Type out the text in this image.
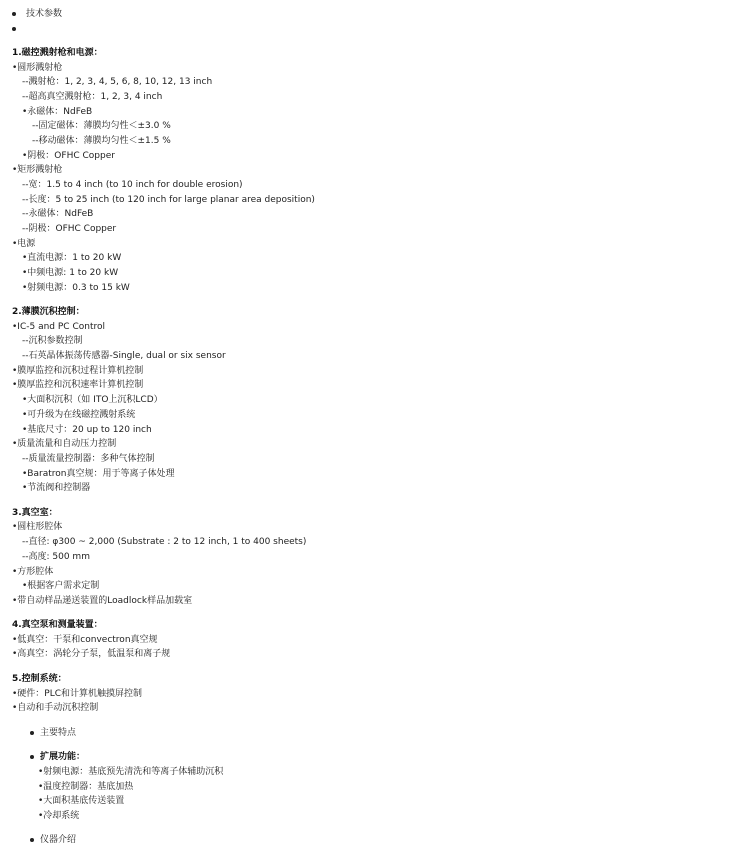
技术参数
1.磁控溅射枪和电源：
•圆形溅射枪
--溅射枪：1, 2, 3, 4, 5, 6, 8, 10, 12, 13 inch
--超高真空溅射枪：1, 2, 3, 4 inch
•永磁体：NdFeB
--固定磁体：薄膜均匀性＜±3.0 %
--移动磁体：薄膜均匀性＜±1.5 %
•阴极：OFHC Copper
•矩形溅射枪
--宽：1.5 to 4 inch (to 10 inch for double erosion)
--长度：5 to 25 inch (to 120 inch for large planar area deposition)
--永磁体：NdFeB
--阴极：OFHC Copper
•电源
•直流电源：1 to 20 kW
•中频电源: 1 to 20 kW
•射频电源：0.3 to 15 kW
2.薄膜沉积控制：
•IC-5 and PC Control
--沉积参数控制
--石英晶体振荡传感器-Single, dual or six sensor
•膜厚监控和沉积过程计算机控制
•膜厚监控和沉积速率计算机控制
•大面积沉积（如 ITO上沉积LCD）
•可升级为在线磁控溅射系统
•基底尺寸：20 up to 120 inch
•质量流量和自动压力控制
--质量流量控制器：多种气体控制
•Baratron真空规：用于等离子体处理
•节流阀和控制器
3.真空室：
•圆柱形腔体
--直径: φ300 ~ 2,000 (Substrate : 2 to 12 inch, 1 to 400 sheets)
--高度: 500 mm
•方形腔体
•根据客户需求定制
•带自动样品递送装置的Loadlock样品加载室
4.真空泵和测量装置：
•低真空：干泵和convectron真空规
•高真空：涡轮分子泵，低温泵和离子规
5.控制系统：
•硬件：PLC和计算机触摸屏控制
•自动和手动沉积控制
主要特点
扩展功能：
•射频电源：基底预先清洗和等离子体辅助沉积
•温度控制器：基底加热
•大面积基底传送装置
•冷却系统
仪器介绍
